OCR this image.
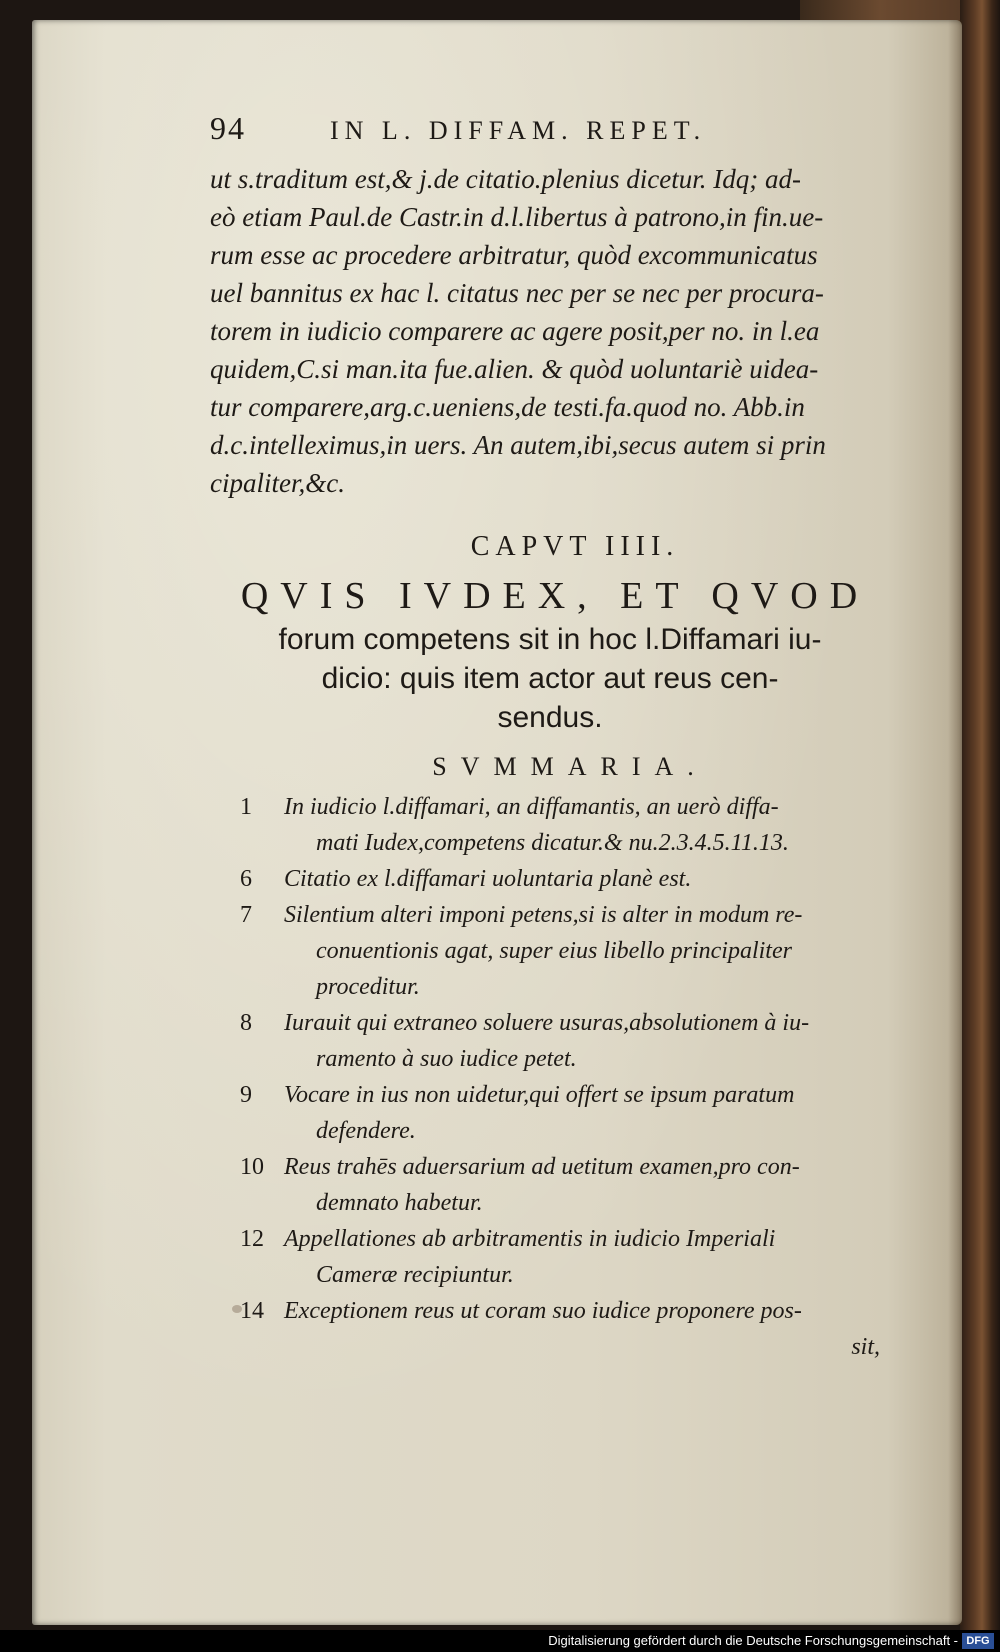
94	IN L. DIFFAM. REPET.
ut s.traditum est,& j.de citatio.plenius dicetur. Idq; ad-
eò etiam Paul.de Castr.in d.l.libertus à patrono,in fin.ue-
rum esse ac procedere arbitratur, quòd excommunicatus
uel bannitus ex hac l. citatus nec per se nec per procura-
torem in iudicio comparere ac agere posit,per no. in l.ea
quidem,C.si man.ita fue.alien. & quòd uoluntariè uidea-
tur comparere,arg.c.ueniens,de testi.fa.quod no. Abb.in
d.c.intelleximus,in uers. An autem,ibi,secus autem si prin
cipaliter,&c.
CAPVT IIII.
QVIS IVDEX, ET QVOD
forum competens sit in hoc l.Diffamari iu-
dicio: quis item actor aut reus cen-
sendus.
SVMMARIA.
1	In iudicio l.diffamari, an diffamantis, an uerò diffa-
mati Iudex,competens dicatur.& nu.2.3.4.5.11.13.
6	Citatio ex l.diffamari uoluntaria planè est.
7	Silentium alteri imponi petens,si is alter in modum re-
conuentionis agat, super eius libello principaliter
proceditur.
8	Iurauit qui extraneo soluere usuras,absolutionem à iu-
ramento à suo iudice petet.
9	Vocare in ius non uidetur,qui offert se ipsum paratum
defendere.
10 Reus trahēs aduersarium ad uetitum examen,pro con-
demnato habetur.
12 Appellationes ab arbitramentis in iudicio Imperiali
Cameræ recipiuntur.
14 Exceptionem reus ut coram suo iudice proponere pos-
sit,
Digitalisierung gefördert durch die Deutsche Forschungsgemeinschaft - DFG
